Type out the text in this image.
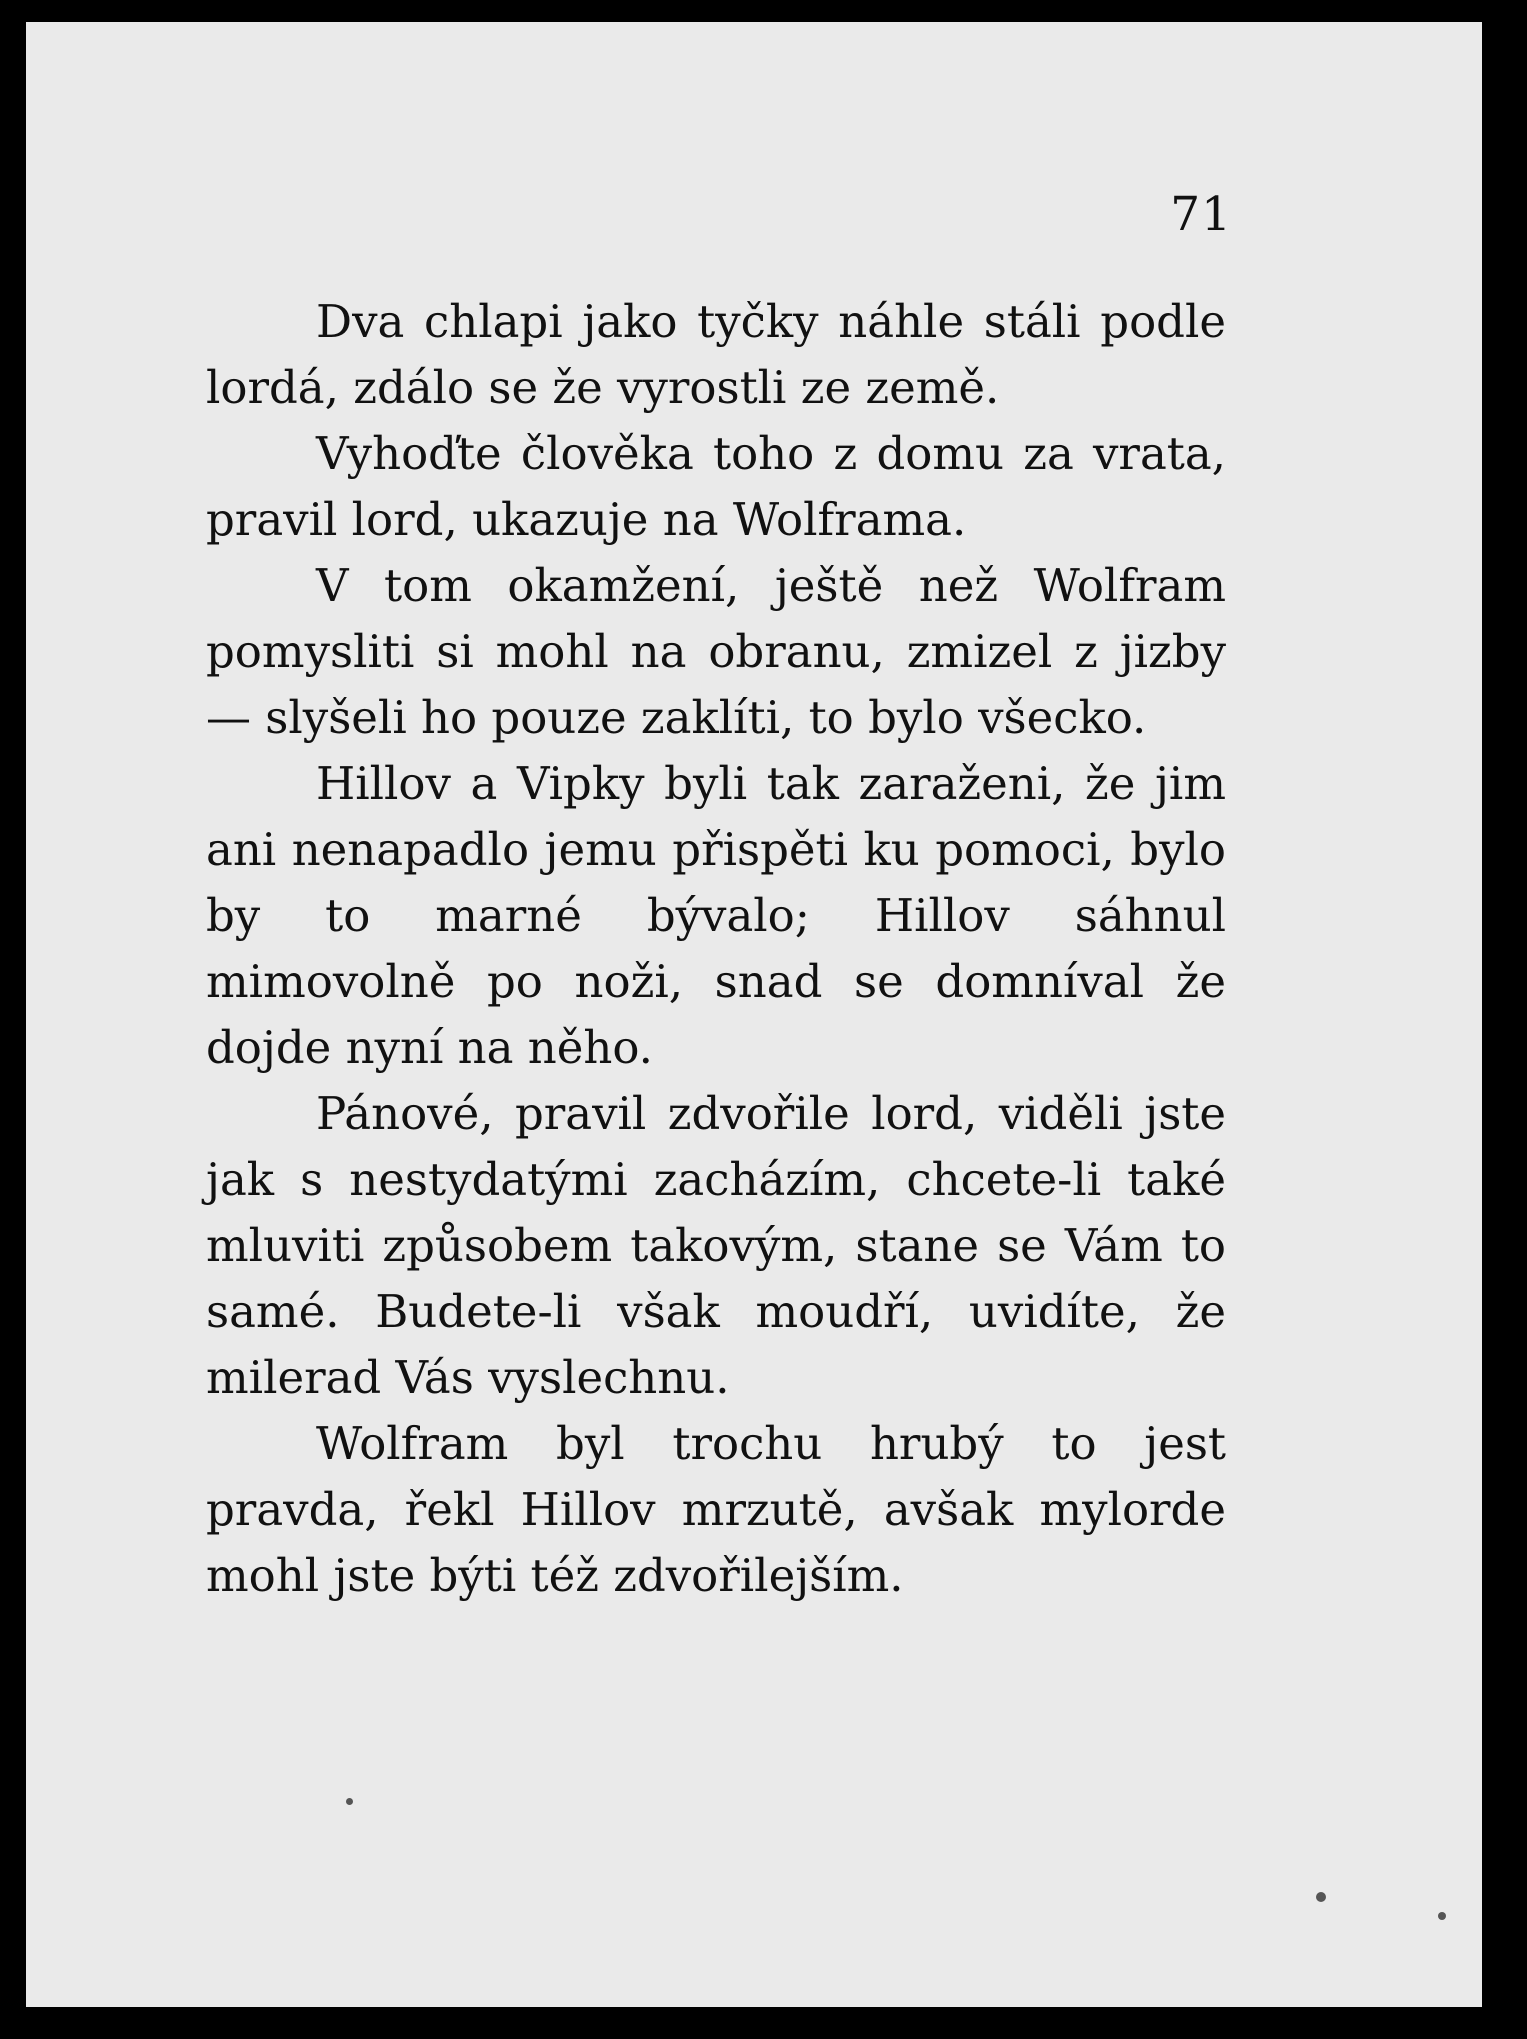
71

Dva chlapi jako tyčky náhle stáli podle lordá, zdálo se že vyrostli ze země.

Vyhoďte člověka toho z domu za vrata, pravil lord, ukazuje na Wolframa.

V tom okamžení, ještě než Wolfram pomysliti si mohl na obranu, zmizel z jizby — slyšeli ho pouze zaklíti, to bylo všecko.

Hillov a Vipky byli tak zaraženi, že jim ani nenapadlo jemu přispěti ku pomoci, bylo by to marné bývalo; Hillov sáhnul mimovolně po noži, snad se domníval že dojde nyní na něho.

Pánové, pravil zdvořile lord, viděli jste jak s nestydatými zacházím, chcete-li také mluviti způsobem takovým, stane se Vám to samé. Budete-li však moudří, uvidíte, že milerad Vás vyslechnu.

Wolfram byl trochu hrubý to jest pravda, řekl Hillov mrzutě, avšak mylorde mohl jste býti též zdvořilejším.
